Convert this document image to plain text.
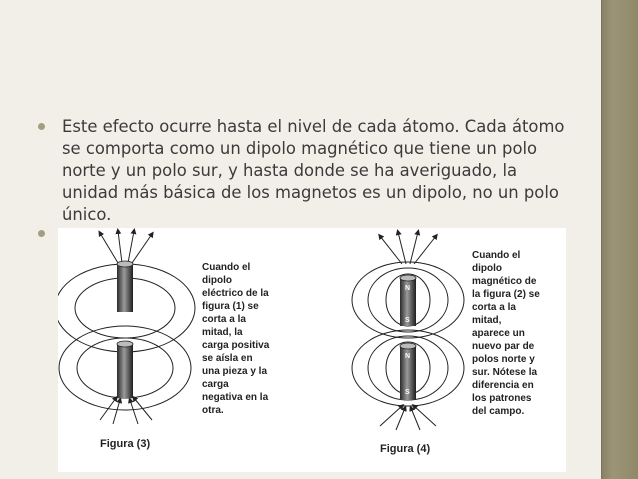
Este efecto ocurre hasta el nivel de cada átomo. Cada átomo se comporta como un dipolo magnético que tiene un polo norte y un polo sur, y hasta donde se ha averiguado, la unidad más básica de los magnetos es un dipolo, no un polo único.
Cuando el dipolo eléctrico de la figura (1) se corta a la mitad, la carga positiva se aísla en una pieza y la carga negativa en la otra.
Figura (3)
N
S
N
S
Cuando el dipolo magnético de la figura (2) se corta a la mitad, aparece un nuevo par de polos norte y sur. Nótese la diferencia en los patrones del campo.
Figura (4)
